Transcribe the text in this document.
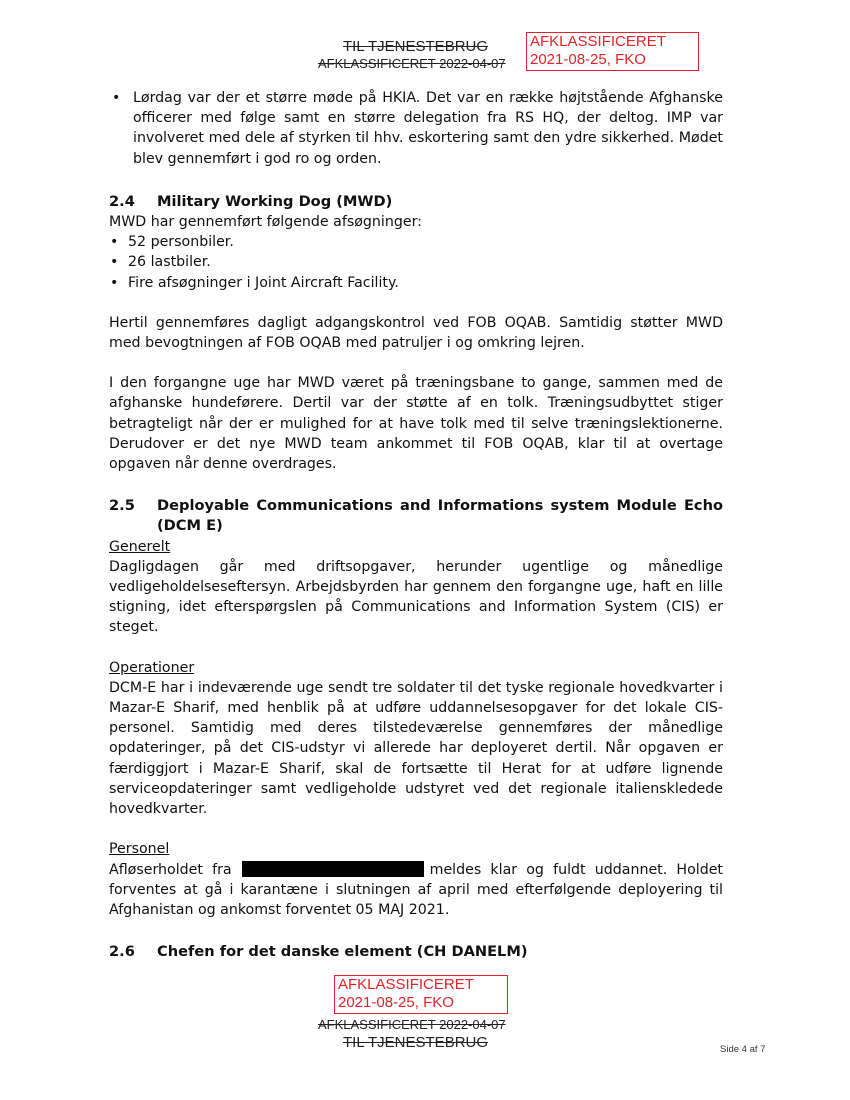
TIL TJENESTEBRUG
AFKLASSIFICERET 2022-04-07
AFKLASSIFICERET
2021-08-25, FKO
• Lørdag var der et større møde på HKIA. Det var en række højtstående Afghanske officerer med følge samt en større delegation fra RS HQ, der deltog. IMP var involveret med dele af styrken til hhv. eskortering samt den ydre sikkerhed. Mødet blev gennemført i god ro og orden.
2.4	Military Working Dog (MWD)

MWD har gennemført følgende afsøgninger:

• 52 personbiler.
• 26 lastbiler.
• Fire afsøgninger i Joint Aircraft Facility.

Hertil gennemføres dagligt adgangskontrol ved FOB OQAB. Samtidig støtter MWD med bevogtningen af FOB OQAB med patruljer i og omkring lejren.

I den forgangne uge har MWD været på træningsbane to gange, sammen med de afghanske hundeførere. Dertil var der støtte af en tolk. Træningsudbyttet stiger betragteligt når der er mulighed for at have tolk med til selve træningslektionerne. Derudover er det nye MWD team ankommet til FOB OQAB, klar til at overtage opgaven når denne overdrages.

2.5	Deployable Communications and Informations system Module Echo (DCM E)
Generelt

Dagligdagen går med driftsopgaver, herunder ugentlige og månedlige vedligeholdelseseftersyn. Arbejdsbyrden har gennem den forgangne uge, haft en lille stigning, idet efterspørgslen på Communications and Information System (CIS) er steget.

Operationer

DCM-E har i indeværende uge sendt tre soldater til det tyske regionale hovedkvarter i Mazar-E Sharif, med henblik på at udføre uddannelsesopgaver for det lokale CIS-personel. Samtidig med deres tilstedeværelse gennemføres der månedlige opdateringer, på det CIS-udstyr vi allerede har deployeret dertil. Når opgaven er færdiggjort i Mazar-E Sharif, skal de fortsætte til Herat for at udføre lignende serviceopdateringer samt vedligeholde udstyret ved det regionale italienskledede hovedkvarter.

Personel

Afløserholdet fra	meldes klar og fuldt uddannet. Holdet forventes at gå i karantæne i slutningen af april med efterfølgende deployering til Afghanistan og ankomst forventet 05 MAJ 2021.

2.6	Chefen for det danske element (CH DANELM)
AFKLASSIFICERET
2021-08-25, FKO
AFKLASSIFICERET 2022-04-07
TIL TJENESTEBRUG	Side 4 af 7
